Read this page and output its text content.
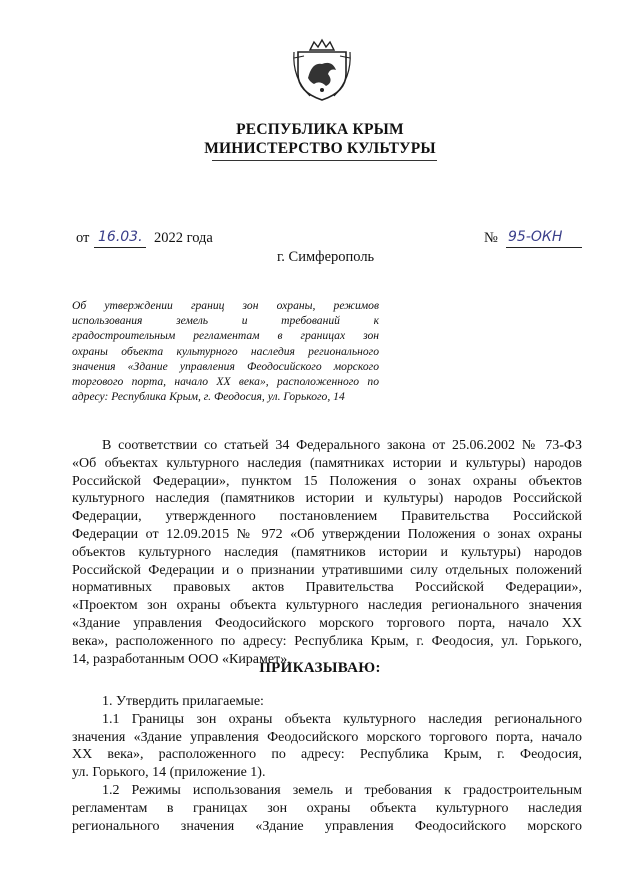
РЕСПУБЛИКА КРЫМ
МИНИСТЕРСТВО КУЛЬТУРЫ
от 16.03. 2022 года	№ 95-ОКН
г. Симферополь
Об утверждении границ зон охраны, режимов
использования земель и требований к
градостроительным регламентам в границах зон
охраны объекта культурного наследия регионального
значения «Здание управления Феодосийского морского
торгового порта, начало XX века», расположенного по
адресу: Республика Крым, г. Феодосия, ул. Горького, 14
В соответствии со статьей 34 Федерального закона от 25.06.2002 № 73-ФЗ
«Об объектах культурного наследия (памятниках истории и культуры) народов
Российской Федерации», пунктом 15 Положения о зонах охраны объектов
культурного наследия (памятников истории и культуры) народов Российской
Федерации, утвержденного постановлением Правительства Российской
Федерации от 12.09.2015 № 972 «Об утверждении Положения о зонах охраны
объектов культурного наследия (памятников истории и культуры) народов
Российской Федерации и о признании утратившими силу отдельных положений
нормативных правовых актов Правительства Российской Федерации»,
«Проектом зон охраны объекта культурного наследия регионального значения
«Здание управления Феодосийского морского торгового порта, начало XX
века», расположенного по адресу: Республика Крым, г. Феодосия, ул. Горького,
14, разработанным ООО «Кирамет»,
ПРИКАЗЫВАЮ:
1. Утвердить прилагаемые:
1.1 Границы зон охраны объекта культурного наследия регионального
значения «Здание управления Феодосийского морского торгового порта, начало
XX века», расположенного по адресу: Республика Крым, г. Феодосия,
ул. Горького, 14 (приложение 1).
1.2 Режимы использования земель и требования к градостроительным
регламентам в границах зон охраны объекта культурного наследия
регионального значения «Здание управления Феодосийского морского
